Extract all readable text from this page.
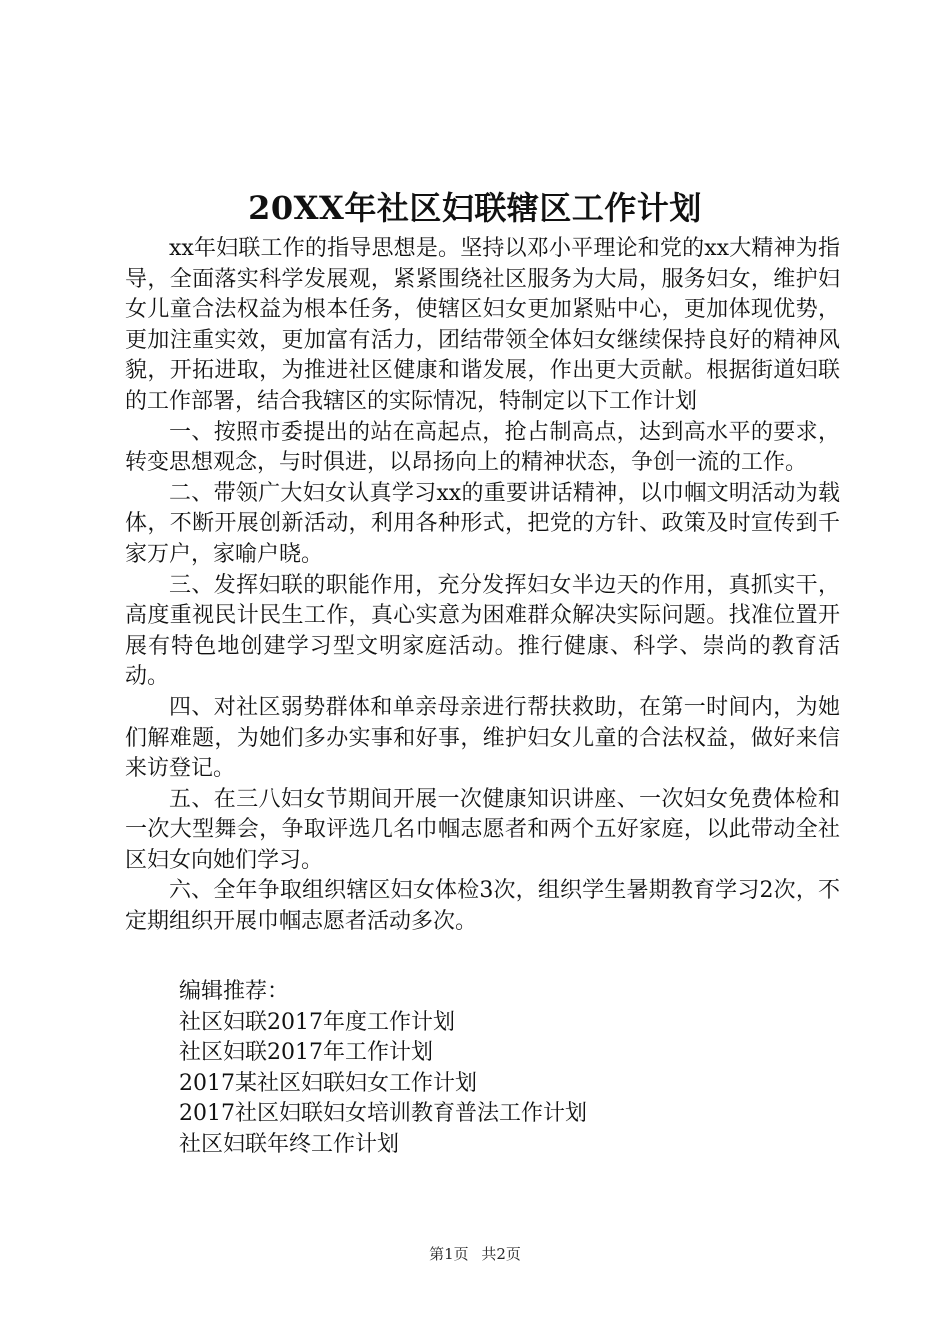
20XX年社区妇联辖区工作计划

xx年妇联工作的指导思想是。坚持以邓小平理论和党的xx大精神为指导，全面落实科学发展观，紧紧围绕社区服务为大局，服务妇女，维护妇女儿童合法权益为根本任务，使辖区妇女更加紧贴中心，更加体现优势，更加注重实效，更加富有活力，团结带领全体妇女继续保持良好的精神风貌，开拓进取，为推进社区健康和谐发展，作出更大贡献。根据街道妇联的工作部署，结合我辖区的实际情况，特制定以下工作计划

一、按照市委提出的站在高起点，抢占制高点，达到高水平的要求，转变思想观念，与时俱进，以昂扬向上的精神状态，争创一流的工作。

二、带领广大妇女认真学习xx的重要讲话精神，以巾帼文明活动为载体，不断开展创新活动，利用各种形式，把党的方针、政策及时宣传到千家万户，家喻户晓。

三、发挥妇联的职能作用，充分发挥妇女半边天的作用，真抓实干，高度重视民计民生工作，真心实意为困难群众解决实际问题。找准位置开展有特色地创建学习型文明家庭活动。推行健康、科学、崇尚的教育活动。

四、对社区弱势群体和单亲母亲进行帮扶救助，在第一时间内，为她们解难题，为她们多办实事和好事，维护妇女儿童的合法权益，做好来信来访登记。

五、在三八妇女节期间开展一次健康知识讲座、一次妇女免费体检和一次大型舞会，争取评选几名巾帼志愿者和两个五好家庭，以此带动全社区妇女向她们学习。

六、全年争取组织辖区妇女体检3次，组织学生暑期教育学习2次，不定期组织开展巾帼志愿者活动多次。

编辑推荐：
社区妇联2017年度工作计划
社区妇联2017年工作计划
2017某社区妇联妇女工作计划
2017社区妇联妇女培训教育普法工作计划
社区妇联年终工作计划
第1页 共2页
